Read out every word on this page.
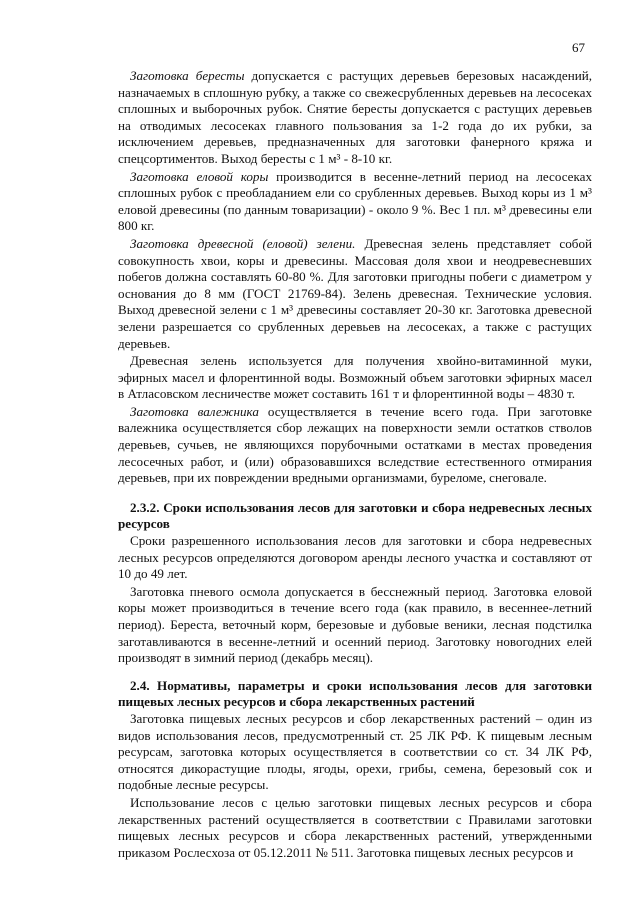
67

Заготовка бересты допускается с растущих деревьев березовых насаждений, назначаемых в сплошную рубку, а также со свежесрубленных деревьев на лесосеках сплошных и выборочных рубок. Снятие бересты допускается с растущих деревьев на отводимых лесосеках главного пользования за 1-2 года до их рубки, за исключением деревьев, предназначенных для заготовки фанерного кряжа и спецсортиментов. Выход бересты с 1 м³ - 8-10 кг.

Заготовка еловой коры производится в весенне-летний период на лесосеках сплошных рубок с преобладанием ели со срубленных деревьев. Выход коры из 1 м³ еловой древесины (по данным товаризации) - около 9 %. Вес 1 пл. м³ древесины ели 800 кг.

Заготовка древесной (еловой) зелени. Древесная зелень представляет собой совокупность хвои, коры и древесины. Массовая доля хвои и неодревесневших побегов должна составлять 60-80 %. Для заготовки пригодны побеги с диаметром у основания до 8 мм (ГОСТ 21769-84). Зелень древесная. Технические условия. Выход древесной зелени с 1 м³ древесины составляет 20-30 кг. Заготовка древесной зелени разрешается со срубленных деревьев на лесосеках, а также с растущих деревьев.

Древесная зелень используется для получения хвойно-витаминной муки, эфирных масел и флорентинной воды. Возможный объем заготовки эфирных масел в Атласовском лесничестве может составить 161 т и флорентинной воды – 4830 т.

Заготовка валежника осуществляется в течение всего года. При заготовке валежника осуществляется сбор лежащих на поверхности земли остатков стволов деревьев, сучьев, не являющихся порубочными остатками в местах проведения лесосечных работ, и (или) образовавшихся вследствие естественного отмирания деревьев, при их повреждении вредными организмами, буреломе, снеговале.

2.3.2. Сроки использования лесов для заготовки и сбора недревесных лесных ресурсов

Сроки разрешенного использования лесов для заготовки и сбора недревесных лесных ресурсов определяются договором аренды лесного участка и составляют от 10 до 49 лет.

Заготовка пневого осмола допускается в бесснежный период. Заготовка еловой коры может производиться в течение всего года (как правило, в весеннее-летний период). Береста, веточный корм, березовые и дубовые веники, лесная подстилка заготавливаются в весенне-летний и осенний период. Заготовку новогодних елей производят в зимний период (декабрь месяц).

2.4. Нормативы, параметры и сроки использования лесов для заготовки пищевых лесных ресурсов и сбора лекарственных растений

Заготовка пищевых лесных ресурсов и сбор лекарственных растений – один из видов использования лесов, предусмотренный ст. 25 ЛК РФ. К пищевым лесным ресурсам, заготовка которых осуществляется в соответствии со ст. 34 ЛК РФ, относятся дикорастущие плоды, ягоды, орехи, грибы, семена, березовый сок и подобные лесные ресурсы.

Использование лесов с целью заготовки пищевых лесных ресурсов и сбора лекарственных растений осуществляется в соответствии с Правилами заготовки пищевых лесных ресурсов и сбора лекарственных растений, утвержденными приказом Рослесхоза от 05.12.2011 № 511. Заготовка пищевых лесных ресурсов и
